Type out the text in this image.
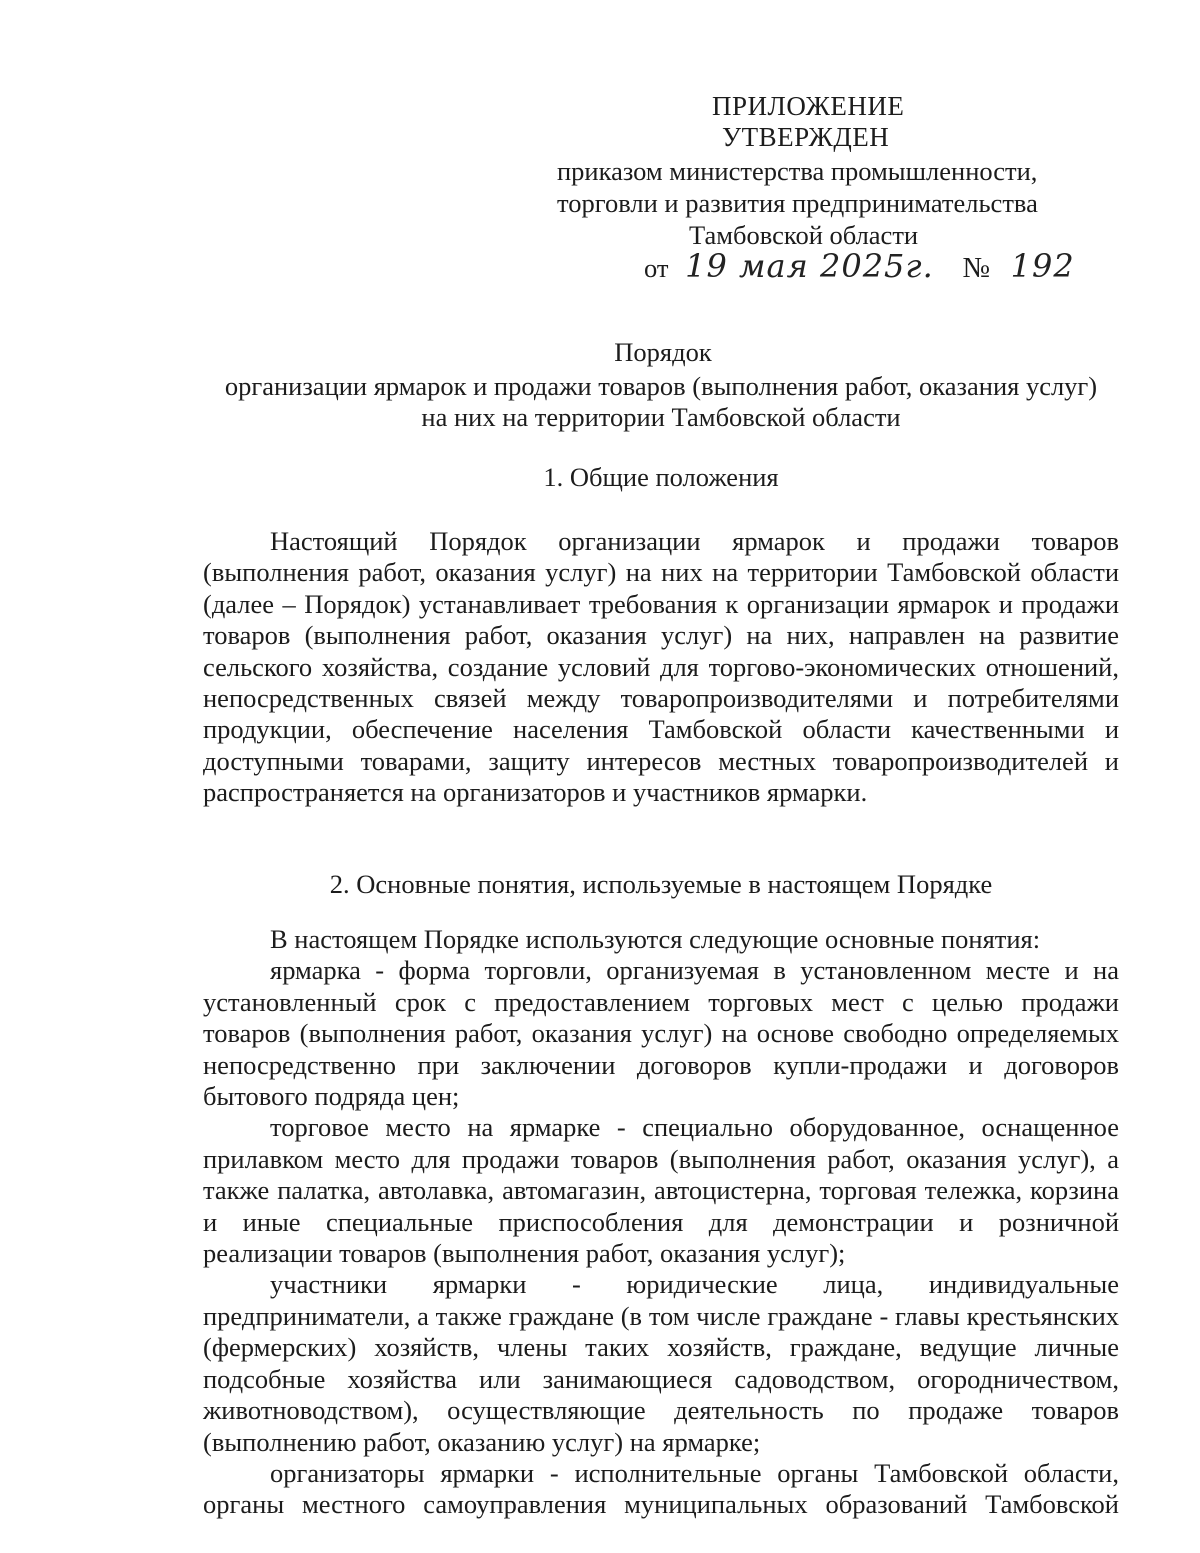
ПРИЛОЖЕНИЕ
УТВЕРЖДЕН
приказом министерства промышленности,
торговли и развития предпринимательства
Тамбовской области
от 19 мая 2025г. № 192

Порядок

организации ярмарок и продажи товаров (выполнения работ, оказания услуг)

на них на территории Тамбовской области

1. Общие положения
Настоящий Порядок организации ярмарок и продажи товаров (выполнения работ, оказания услуг) на них на территории Тамбовской области (далее – Порядок) устанавливает требования к организации ярмарок и продажи товаров (выполнения работ, оказания услуг) на них, направлен на развитие сельского хозяйства, создание условий для торгово-экономических отношений, непосредственных связей между товаропроизводителями и потребителями продукции, обеспечение населения Тамбовской области качественными и доступными товарами, защиту интересов местных товаропроизводителей и распространяется на организаторов и участников ярмарки.
2. Основные понятия, используемые в настоящем Порядке

В настоящем Порядке используются следующие основные понятия:

ярмарка - форма торговли, организуемая в установленном месте и на установленный срок с предоставлением торговых мест с целью продажи товаров (выполнения работ, оказания услуг) на основе свободно определяемых непосредственно при заключении договоров купли-продажи и договоров бытового подряда цен;

торговое место на ярмарке - специально оборудованное, оснащенное прилавком место для продажи товаров (выполнения работ, оказания услуг), а также палатка, автолавка, автомагазин, автоцистерна, торговая тележка, корзина и иные специальные приспособления для демонстрации и розничной реализации товаров (выполнения работ, оказания услуг);

участники ярмарки - юридические лица, индивидуальные предприниматели, а также граждане (в том числе граждане - главы крестьянских (фермерских) хозяйств, члены таких хозяйств, граждане, ведущие личные подсобные хозяйства или занимающиеся садоводством, огородничеством, животноводством), осуществляющие деятельность по продаже товаров (выполнению работ, оказанию услуг) на ярмарке;

организаторы ярмарки - исполнительные органы Тамбовской области, органы местного самоуправления муниципальных образований Тамбовской
